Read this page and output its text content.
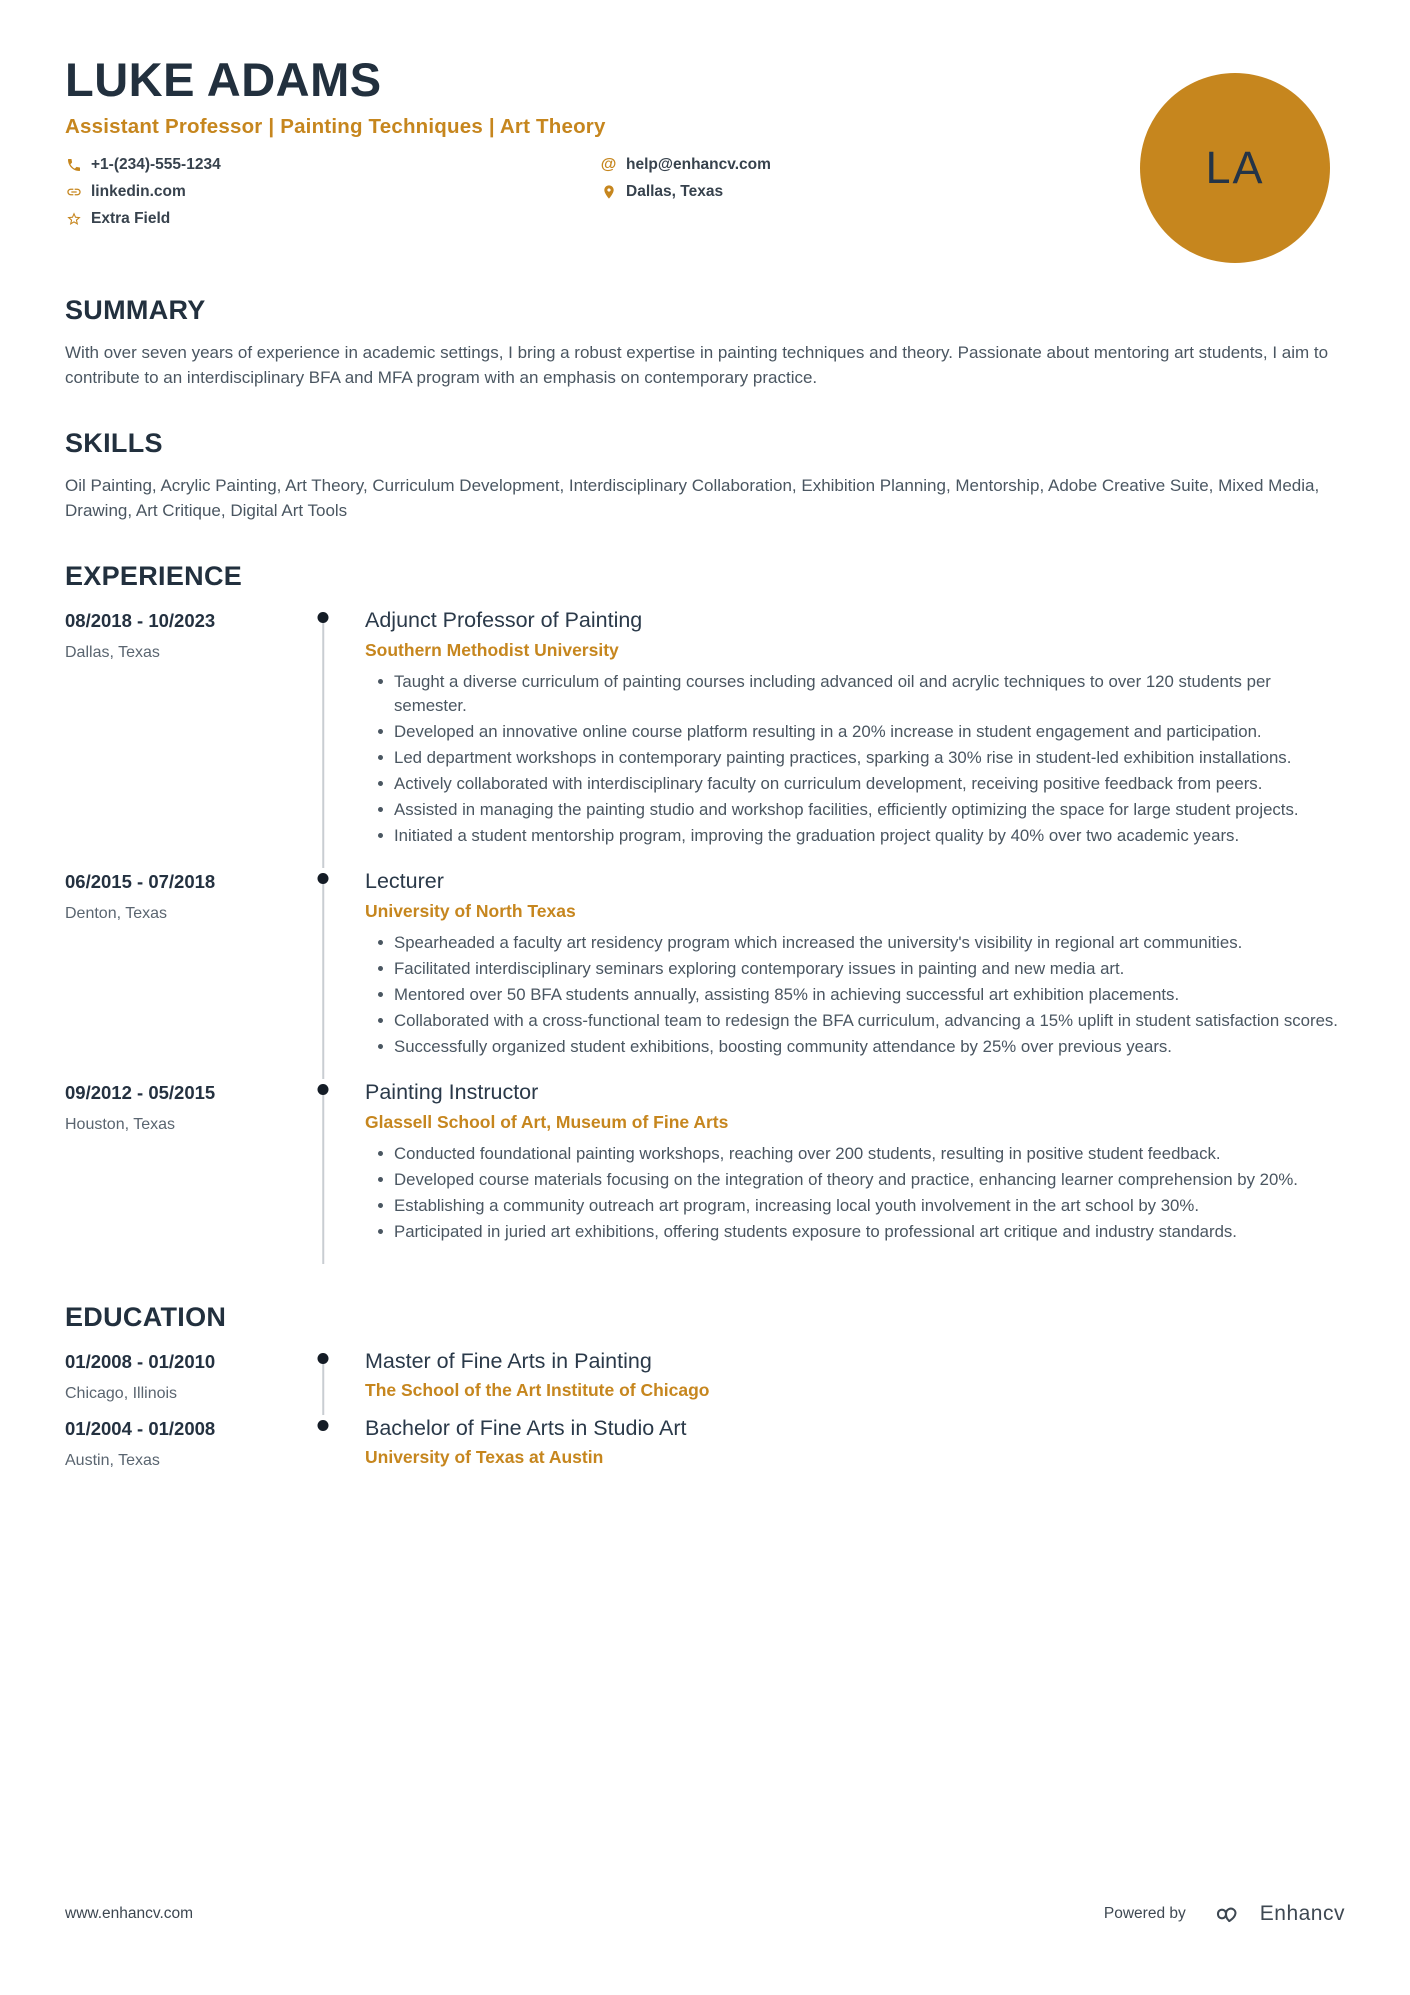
LUKE ADAMS
Assistant Professor | Painting Techniques | Art Theory
+1-(234)-555-1234
linkedin.com
Extra Field
@ help@enhancv.com
Dallas, Texas	LA
SUMMARY
With over seven years of experience in academic settings, I bring a robust expertise in painting techniques and theory. Passionate about mentoring art students, I aim to contribute to an interdisciplinary BFA and MFA program with an emphasis on contemporary practice.
SKILLS
Oil Painting, Acrylic Painting, Art Theory, Curriculum Development, Interdisciplinary Collaboration, Exhibition Planning, Mentorship, Adobe Creative Suite, Mixed Media, Drawing, Art Critique, Digital Art Tools
EXPERIENCE
08/2018 - 10/2023
Dallas, Texas
Adjunct Professor of Painting
Southern Methodist University
Taught a diverse curriculum of painting courses including advanced oil and acrylic techniques to over 120 students per semester.
Developed an innovative online course platform resulting in a 20% increase in student engagement and participation.
Led department workshops in contemporary painting practices, sparking a 30% rise in student-led exhibition installations.
Actively collaborated with interdisciplinary faculty on curriculum development, receiving positive feedback from peers.
Assisted in managing the painting studio and workshop facilities, efficiently optimizing the space for large student projects.
Initiated a student mentorship program, improving the graduation project quality by 40% over two academic years.
06/2015 - 07/2018
Denton, Texas
Lecturer
University of North Texas
Spearheaded a faculty art residency program which increased the university's visibility in regional art communities.
Facilitated interdisciplinary seminars exploring contemporary issues in painting and new media art.
Mentored over 50 BFA students annually, assisting 85% in achieving successful art exhibition placements.
Collaborated with a cross-functional team to redesign the BFA curriculum, advancing a 15% uplift in student satisfaction scores.
Successfully organized student exhibitions, boosting community attendance by 25% over previous years.
09/2012 - 05/2015
Houston, Texas
Painting Instructor
Glassell School of Art, Museum of Fine Arts
Conducted foundational painting workshops, reaching over 200 students, resulting in positive student feedback.
Developed course materials focusing on the integration of theory and practice, enhancing learner comprehension by 20%.
Establishing a community outreach art program, increasing local youth involvement in the art school by 30%.
Participated in juried art exhibitions, offering students exposure to professional art critique and industry standards.
EDUCATION
01/2008 - 01/2010
Chicago, Illinois
Master of Fine Arts in Painting
The School of the Art Institute of Chicago
01/2004 - 01/2008
Austin, Texas
Bachelor of Fine Arts in Studio Art
University of Texas at Austin
www.enhancv.com	Powered by	Enhancv
